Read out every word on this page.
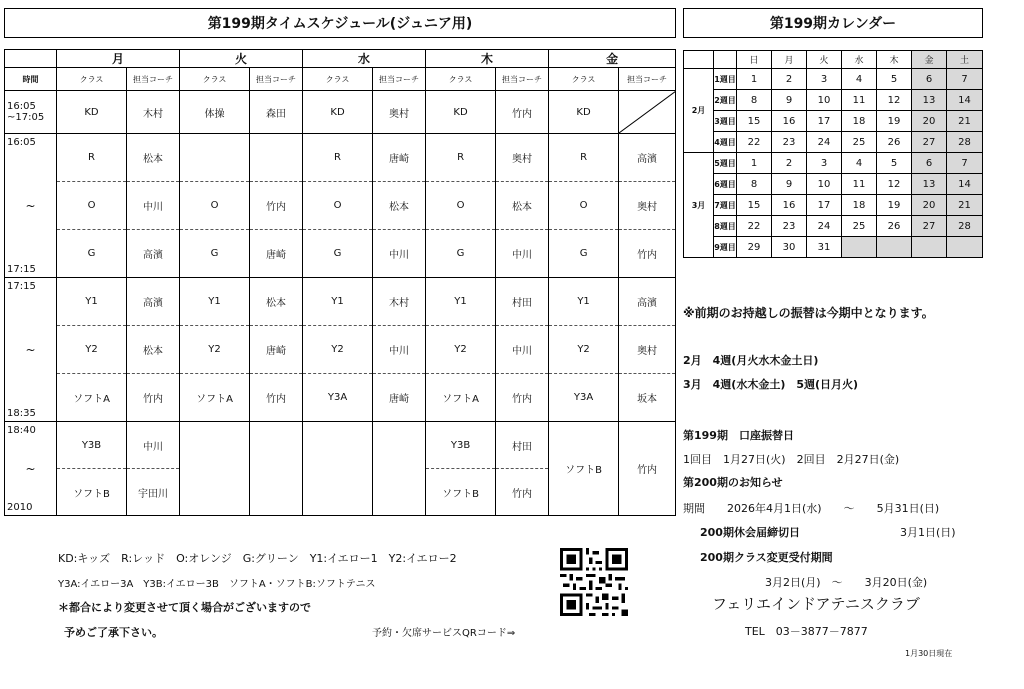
第199期タイムスケジュール(ジュニア用)	第199期カレンダー
	月		火		水		木		金	
時間	クラス	担当コーチ	クラス	担当コーチ	クラス	担当コーチ	クラス	担当コーチ	クラス	担当コーチ
16:05
~17:05	KD	木村	体操	森田	KD	奥村	KD	竹内	KD	

16:05
~
17:15	R	松本			R	唐崎	R	奥村	R	高濱
	O	中川	O	竹内	O	松本	O	松本	O	奥村
	G	高濱	G	唐崎	G	中川	G	中川	G	竹内

17:15
~
18:35	Y1	高濱	Y1	松本	Y1	木村	Y1	村田	Y1	高濱
	Y2	松本	Y2	唐崎	Y2	中川	Y2	中川	Y2	奥村
	ソフトA	竹内	ソフトA	竹内	Y3A	唐崎	ソフトA	竹内	Y3A	坂本

18:40
~
2010	Y3B	中川					Y3B	村田	ソフトB	竹内
	ソフトB	宇田川					ソフトB	竹内		
		日	月	火	水	木	金	土
2月	1週目	1	2	3	4	5	6	7
	2週目	8	9	10	11	12	13	14
	3週目	15	16	17	18	19	20	21
	4週目	22	23	24	25	26	27	28
3月	5週目	1	2	3	4	5	6	7
	6週目	8	9	10	11	12	13	14
	7週目	15	16	17	18	19	20	21
	8週目	22	23	24	25	26	27	28
	9週目	29	30	31				
※前期のお持越しの振替は今期中となります。
2月　4週(月火水木金土日)
3月　4週(水木金土)　5週(日月火)
第199期　口座振替日
1回目　1月27日(火)　2回目　2月27日(金)
第200期のお知らせ
期間　　2026年4月1日(水)　　～　　5月31日(日)
200期休会届締切日	3月1日(日)
200期クラス変更受付期間
3月2日(月)　～　　3月20日(金)
フェリエインドアテニスクラブ
TEL　03－3877－7877
1月30日現在
KD:キッズ　R:レッド　O:オレンジ　G:グリーン　Y1:イエロー1　Y2:イエロー2
Y3A:イエロー3A　Y3B:イエロー3B　ソフトA・ソフトB:ソフトテニス
＊都合により変更させて頂く場合がございますので
予めご了承下さい。	予約・欠席サービスQRコード⇒
